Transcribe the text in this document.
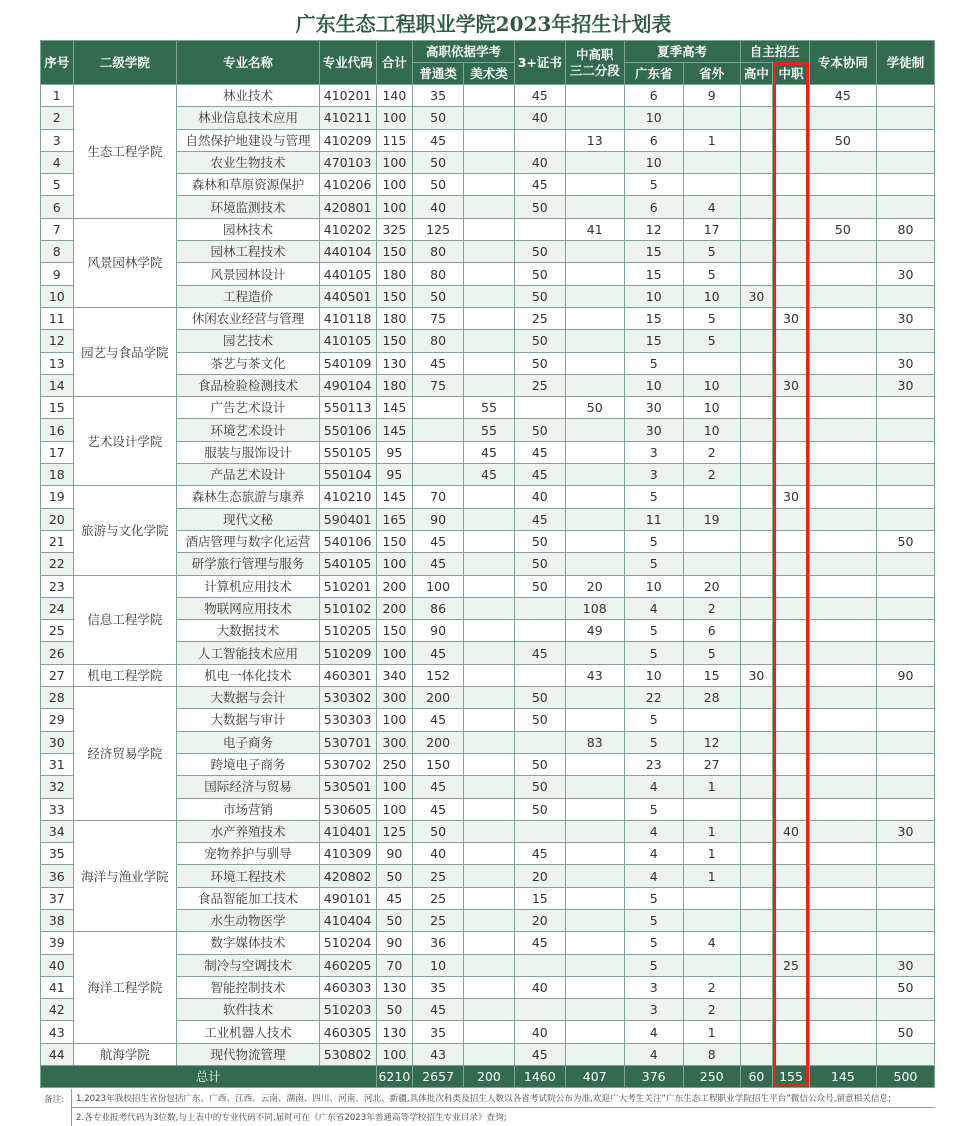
广东生态工程职业学院2023年招生计划表
序号	二级学院	专业名称	专业代码	合计	高职依据学考		3+证书	中高职
三二分段	夏季高考		自主招生		专本协同	学徒制
					普通类	美术类			广东省	省外	高中	中职		
1	生态工程学院	林业技术	410201	140	35		45		6	9			45	
2		林业信息技术应用	410211	100	50		40		10					
3		自然保护地建设与管理	410209	115	45			13	6	1			50	
4		农业生物技术	470103	100	50		40		10					
5		森林和草原资源保护	410206	100	50		45		5					
6		环境监测技术	420801	100	40		50		6	4				
7	风景园林学院	园林技术	410202	325	125			41	12	17			50	80
8		园林工程技术	440104	150	80		50		15	5				
9		风景园林设计	440105	180	80		50		15	5				30
10		工程造价	440501	150	50		50		10	10	30			
11	园艺与食品学院	休闲农业经营与管理	410118	180	75		25		15	5		30		30
12		园艺技术	410105	150	80		50		15	5				
13		茶艺与茶文化	540109	130	45		50		5					30
14		食品检验检测技术	490104	180	75		25		10	10		30		30
15	艺术设计学院	广告艺术设计	550113	145		55		50	30	10				
16		环境艺术设计	550106	145		55	50		30	10				
17		服装与服饰设计	550105	95		45	45		3	2				
18		产品艺术设计	550104	95		45	45		3	2				
19	旅游与文化学院	森林生态旅游与康养	410210	145	70		40		5			30		
20		现代文秘	590401	165	90		45		11	19				
21		酒店管理与数字化运营	540106	150	45		50		5					50
22		研学旅行管理与服务	540105	100	45		50		5					
23	信息工程学院	计算机应用技术	510201	200	100		50	20	10	20				
24		物联网应用技术	510102	200	86			108	4	2				
25		大数据技术	510205	150	90			49	5	6				
26		人工智能技术应用	510209	100	45		45		5	5				
27	机电工程学院	机电一体化技术	460301	340	152			43	10	15	30			90
28	经济贸易学院	大数据与会计	530302	300	200		50		22	28				
29		大数据与审计	530303	100	45		50		5					
30		电子商务	530701	300	200			83	5	12				
31		跨境电子商务	530702	250	150		50		23	27				
32		国际经济与贸易	530501	100	45		50		4	1				
33		市场营销	530605	100	45		50		5					
34	海洋与渔业学院	水产养殖技术	410401	125	50				4	1		40		30
35		宠物养护与驯导	410309	90	40		45		4	1				
36		环境工程技术	420802	50	25		20		4	1				
37		食品智能加工技术	490101	45	25		15		5					
38		水生动物医学	410404	50	25		20		5					
39	海洋工程学院	数字媒体技术	510204	90	36		45		5	4				
40		制冷与空调技术	460205	70	10				5			25		30
41		智能控制技术	460303	130	35		40		3	2				50
42		软件技术	510203	50	45				3	2				
43		工业机器人技术	460305	130	35		40		4	1				50
44	航海学院	现代物流管理	530802	100	43		45		4	8				
总计				6210	2657	200	1460	407	376	250	60	155	145	500
备注:	1.2023年我校招生省份包括广东、广西、江西、云南、湖南、四川、河南、河北、新疆,具体批次科类及招生人数以各省考试院公布为准,欢迎广大考生关注“广东生态工程职业学院招生平台”微信公众号,留意相关信息;
2.各专业报考代码为3位数,与上表中的专业代码不同,届时可在《广东省2023年普通高等学校招生专业目录》查询;
